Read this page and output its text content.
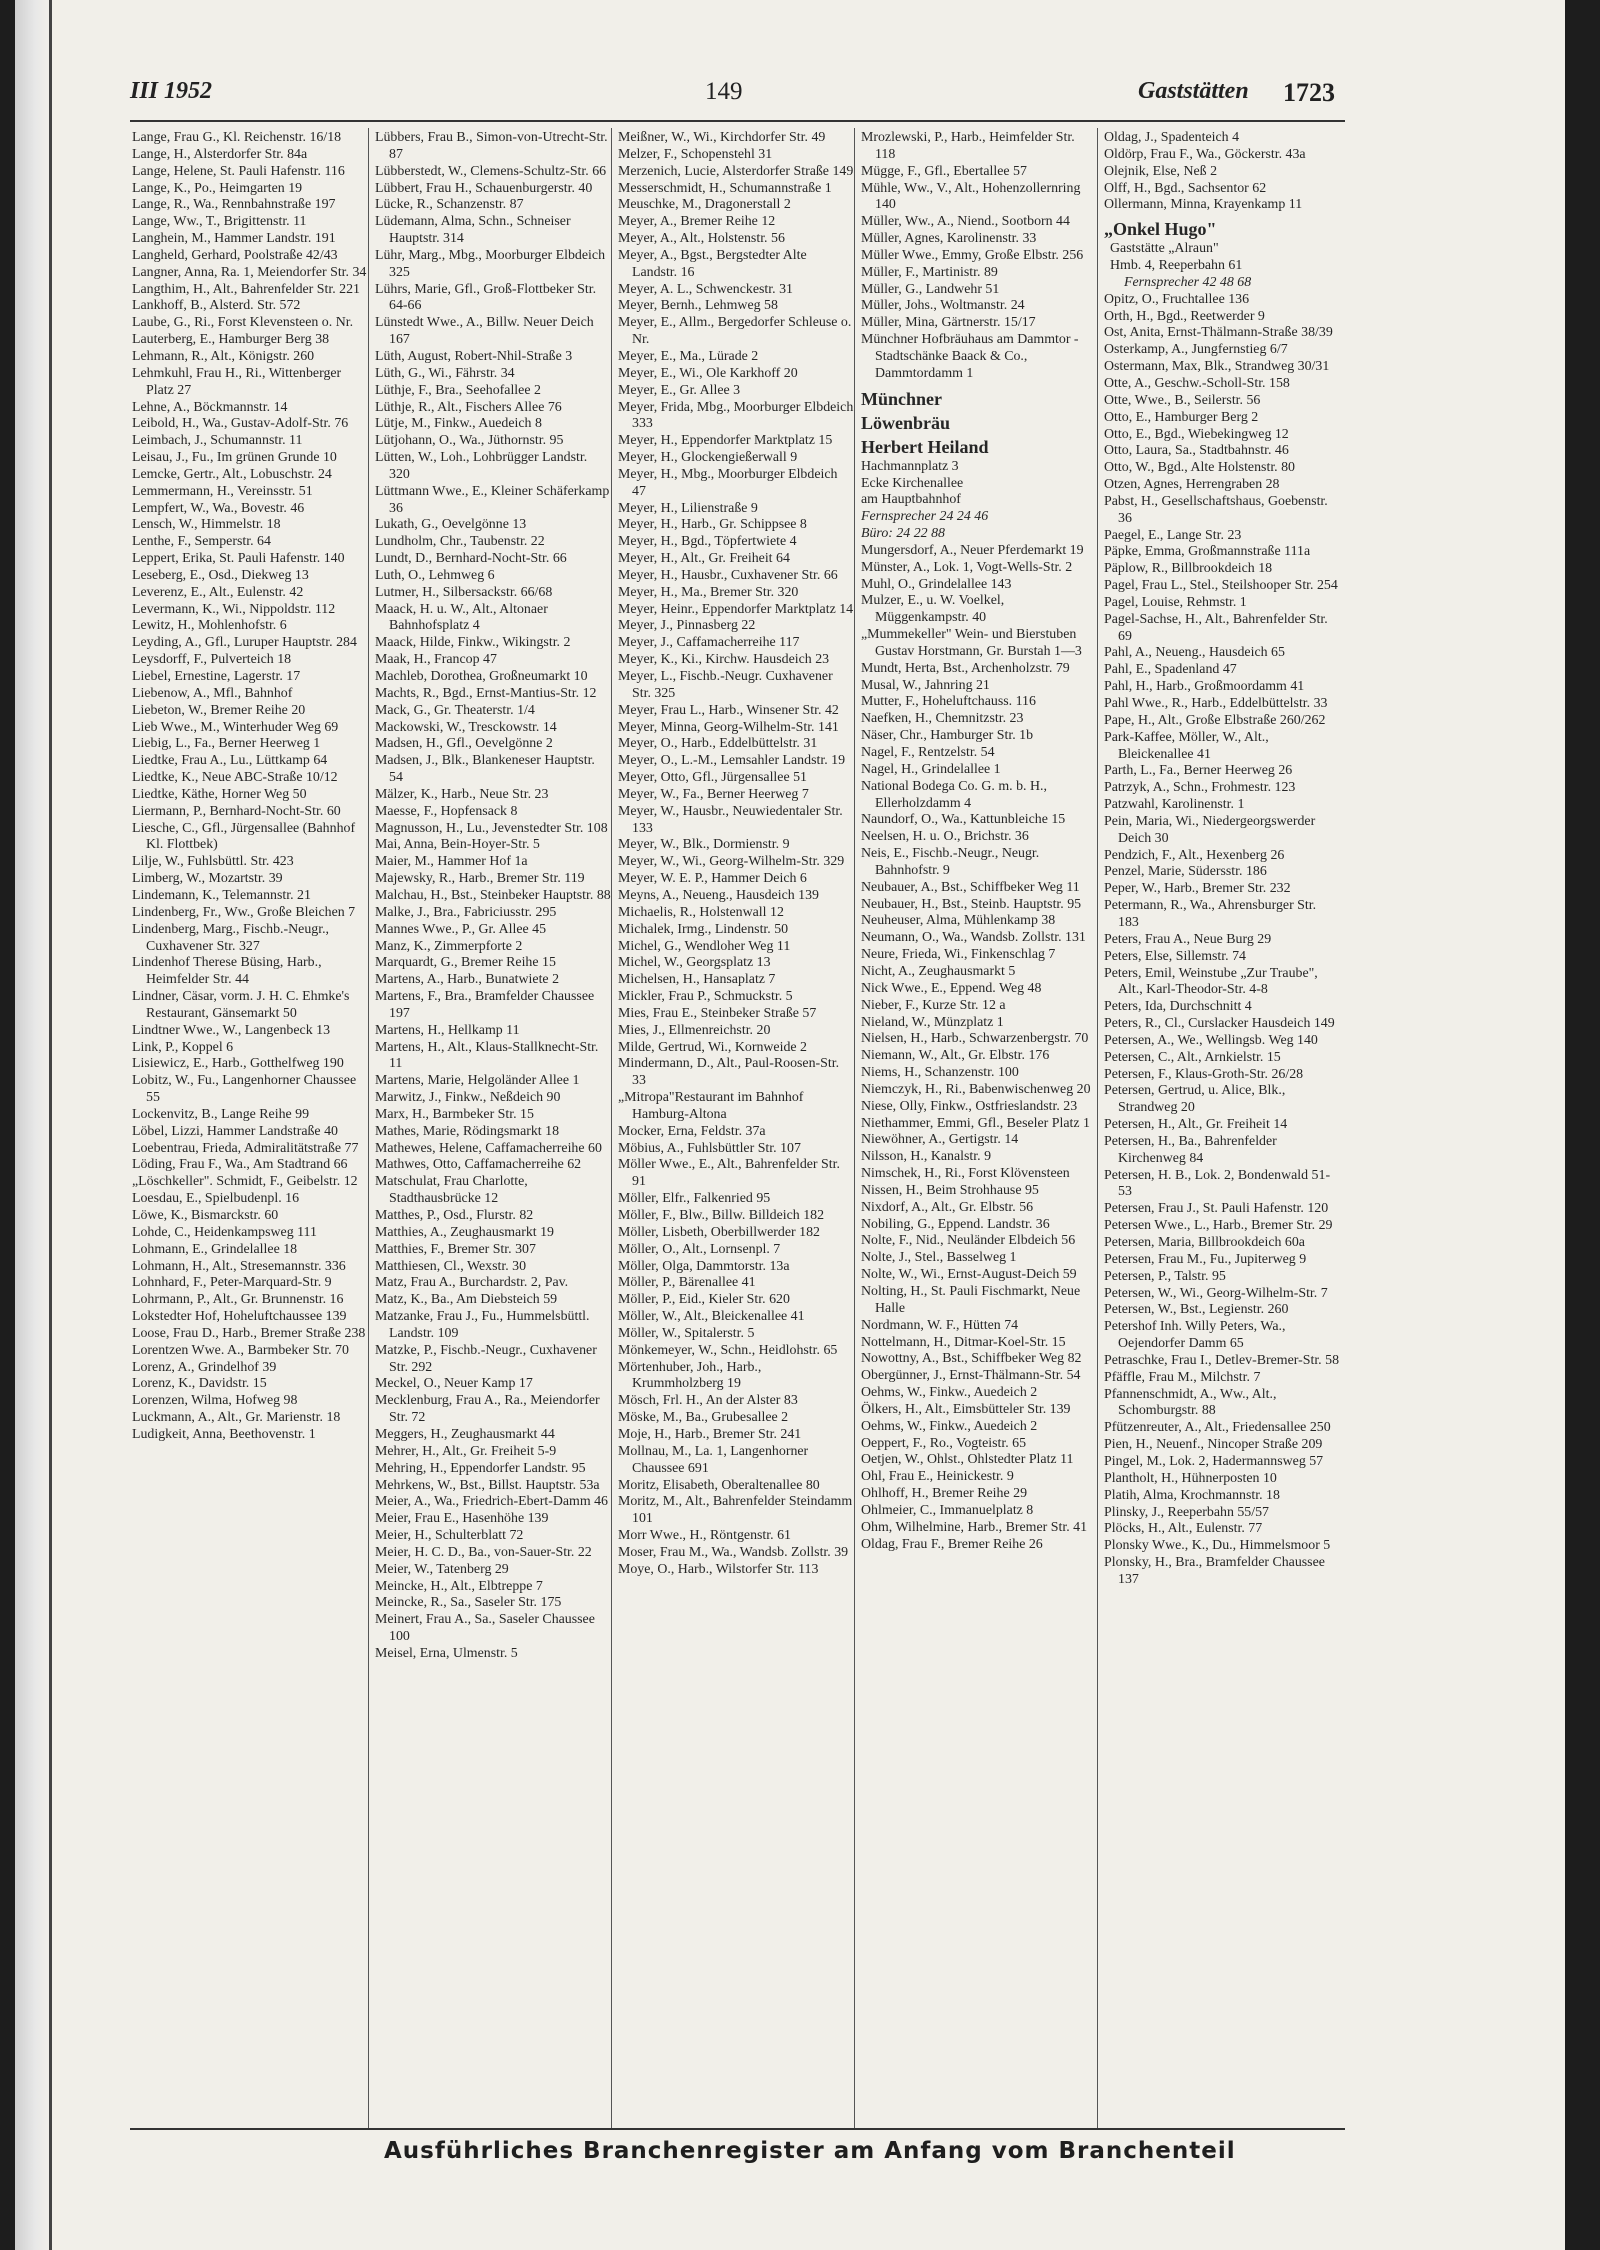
III 1952	149	Gaststätten 1723
Lange, Frau G., Kl. Reichenstr. 16/18
Lange, H., Alsterdorfer Str. 84a
Lange, Helene, St. Pauli Hafenstr. 116
Lange, K., Po., Heimgarten 19
Lange, R., Wa., Rennbahnstraße 197
Lange, Ww., T., Brigittenstr. 11
Langhein, M., Hammer Landstr. 191
Langheld, Gerhard, Poolstraße 42/43
Langner, Anna, Ra. 1, Meiendorfer Str. 34
Langthim, H., Alt., Bahrenfelder Str. 221
Lankhoff, B., Alsterd. Str. 572
Laube, G., Ri., Forst Klevensteen o. Nr.
Lauterberg, E., Hamburger Berg 38
Lehmann, R., Alt., Königstr. 260
Lehmkuhl, Frau H., Ri., Wittenberger Platz 27
Lehne, A., Böckmannstr. 14
Leibold, H., Wa., Gustav-Adolf-Str. 76
Leimbach, J., Schumannstr. 11
Leisau, J., Fu., Im grünen Grunde 10
Lemcke, Gertr., Alt., Lobuschstr. 24
Lemmermann, H., Vereinsstr. 51
Lempfert, W., Wa., Bovestr. 46
Lensch, W., Himmelstr. 18
Lenthe, F., Semperstr. 64
Leppert, Erika, St. Pauli Hafenstr. 140
Leseberg, E., Osd., Diekweg 13
Leverenz, E., Alt., Eulenstr. 42
Levermann, K., Wi., Nippoldstr. 112
Lewitz, H., Mohlenhofstr. 6
Leyding, A., Gfl., Luruper Hauptstr. 284
Leysdorff, F., Pulverteich 18
Liebel, Ernestine, Lagerstr. 17
Liebenow, A., Mfl., Bahnhof
Liebeton, W., Bremer Reihe 20
Lieb Wwe., M., Winterhuder Weg 69
Liebig, L., Fa., Berner Heerweg 1
Liedtke, Frau A., Lu., Lüttkamp 64
Liedtke, K., Neue ABC-Straße 10/12
Liedtke, Käthe, Horner Weg 50
Liermann, P., Bernhard-Nocht-Str. 60
Liesche, C., Gfl., Jürgensallee (Bahnhof Kl. Flottbek)
Lilje, W., Fuhlsbüttl. Str. 423
Limberg, W., Mozartstr. 39
Lindemann, K., Telemannstr. 21
Lindenberg, Fr., Ww., Große Bleichen 7
Lindenberg, Marg., Fischb.-Neugr., Cuxhavener Str. 327
Lindenhof Therese Büsing, Harb., Heimfelder Str. 44
Lindner, Cäsar, vorm. J. H. C. Ehmke's Restaurant, Gänsemarkt 50
Lindtner Wwe., W., Langenbeck 13
Link, P., Koppel 6
Lisiewicz, E., Harb., Gotthelfweg 190
Lobitz, W., Fu., Langenhorner Chaussee 55
Lockenvitz, B., Lange Reihe 99
Löbel, Lizzi, Hammer Landstraße 40
Loebentrau, Frieda, Admiralitätstraße 77
Löding, Frau F., Wa., Am Stadtrand 66
„Löschkeller". Schmidt, F., Geibelstr. 12
Loesdau, E., Spielbudenpl. 16
Löwe, K., Bismarckstr. 60
Lohde, C., Heidenkampsweg 111
Lohmann, E., Grindelallee 18
Lohmann, H., Alt., Stresemannstr. 336
Lohnhard, F., Peter-Marquard-Str. 9
Lohrmann, P., Alt., Gr. Brunnenstr. 16
Lokstedter Hof, Hoheluftchaussee 139
Loose, Frau D., Harb., Bremer Straße 238
Lorentzen Wwe. A., Barmbeker Str. 70
Lorenz, A., Grindelhof 39
Lorenz, K., Davidstr. 15
Lorenzen, Wilma, Hofweg 98
Luckmann, A., Alt., Gr. Marienstr. 18
Ludigkeit, Anna, Beethovenstr. 1
Lübbers, Frau B., Simon-von-Utrecht-Str. 87
Lübberstedt, W., Clemens-Schultz-Str. 66
Lübbert, Frau H., Schauenburgerstr. 40
Lücke, R., Schanzenstr. 87
Lüdemann, Alma, Schn., Schneiser Hauptstr. 314
Lühr, Marg., Mbg., Moorburger Elbdeich 325
Lührs, Marie, Gfl., Groß-Flottbeker Str. 64-66
Lünstedt Wwe., A., Billw. Neuer Deich 167
Lüth, August, Robert-Nhil-Straße 3
Lüth, G., Wi., Fährstr. 34
Lüthje, F., Bra., Seehofallee 2
Lüthje, R., Alt., Fischers Allee 76
Lütje, M., Finkw., Auedeich 8
Lütjohann, O., Wa., Jüthornstr. 95
Lütten, W., Loh., Lohbrügger Landstr. 320
Lüttmann Wwe., E., Kleiner Schäferkamp 36
Lukath, G., Oevelgönne 13
Lundholm, Chr., Taubenstr. 22
Lundt, D., Bernhard-Nocht-Str. 66
Luth, O., Lehmweg 6
Lutmer, H., Silbersackstr. 66/68
Maack, H. u. W., Alt., Altonaer Bahnhofsplatz 4
Maack, Hilde, Finkw., Wikingstr. 2
Maak, H., Francop 47
Machleb, Dorothea, Großneumarkt 10
Machts, R., Bgd., Ernst-Mantius-Str. 12
Mack, G., Gr. Theaterstr. 1/4
Mackowski, W., Tresckowstr. 14
Madsen, H., Gfl., Oevelgönne 2
Madsen, J., Blk., Blankeneser Hauptstr. 54
Mälzer, K., Harb., Neue Str. 23
Maesse, F., Hopfensack 8
Magnusson, H., Lu., Jevenstedter Str. 108
Mai, Anna, Bein-Hoyer-Str. 5
Maier, M., Hammer Hof 1a
Majewsky, R., Harb., Bremer Str. 119
Malchau, H., Bst., Steinbeker Hauptstr. 88
Malke, J., Bra., Fabriciusstr. 295
Mannes Wwe., P., Gr. Allee 45
Manz, K., Zimmerpforte 2
Marquardt, G., Bremer Reihe 15
Martens, A., Harb., Bunatwiete 2
Martens, F., Bra., Bramfelder Chaussee 197
Martens, H., Hellkamp 11
Martens, H., Alt., Klaus-Stallknecht-Str. 11
Martens, Marie, Helgoländer Allee 1
Marwitz, J., Finkw., Neßdeich 90
Marx, H., Barmbeker Str. 15
Mathes, Marie, Rödingsmarkt 18
Mathewes, Helene, Caffamacherreihe 60
Mathwes, Otto, Caffamacherreihe 62
Matschulat, Frau Charlotte, Stadthausbrücke 12
Matthes, P., Osd., Flurstr. 82
Matthies, A., Zeughausmarkt 19
Matthies, F., Bremer Str. 307
Matthiesen, Cl., Wexstr. 30
Matz, Frau A., Burchardstr. 2, Pav.
Matz, K., Ba., Am Diebsteich 59
Matzanke, Frau J., Fu., Hummelsbüttl. Landstr. 109
Matzke, P., Fischb.-Neugr., Cuxhavener Str. 292
Meckel, O., Neuer Kamp 17
Mecklenburg, Frau A., Ra., Meiendorfer Str. 72
Meggers, H., Zeughausmarkt 44
Mehrer, H., Alt., Gr. Freiheit 5-9
Mehring, H., Eppendorfer Landstr. 95
Mehrkens, W., Bst., Billst. Hauptstr. 53a
Meier, A., Wa., Friedrich-Ebert-Damm 46
Meier, Frau E., Hasenhöhe 139
Meier, H., Schulterblatt 72
Meier, H. C. D., Ba., von-Sauer-Str. 22
Meier, W., Tatenberg 29
Meincke, H., Alt., Elbtreppe 7
Meincke, R., Sa., Saseler Str. 175
Meinert, Frau A., Sa., Saseler Chaussee 100
Meisel, Erna, Ulmenstr. 5
Meißner, W., Wi., Kirchdorfer Str. 49
Melzer, F., Schopenstehl 31
Merzenich, Lucie, Alsterdorfer Straße 149
Messerschmidt, H., Schumannstraße 1
Meuschke, M., Dragonerstall 2
Meyer, A., Bremer Reihe 12
Meyer, A., Alt., Holstenstr. 56
Meyer, A., Bgst., Bergstedter Alte Landstr. 16
Meyer, A. L., Schwenckestr. 31
Meyer, Bernh., Lehmweg 58
Meyer, E., Allm., Bergedorfer Schleuse o. Nr.
Meyer, E., Ma., Lürade 2
Meyer, E., Wi., Ole Karkhoff 20
Meyer, E., Gr. Allee 3
Meyer, Frida, Mbg., Moorburger Elbdeich 333
Meyer, H., Eppendorfer Marktplatz 15
Meyer, H., Glockengießerwall 9
Meyer, H., Mbg., Moorburger Elbdeich 47
Meyer, H., Lilienstraße 9
Meyer, H., Harb., Gr. Schippsee 8
Meyer, H., Bgd., Töpfertwiete 4
Meyer, H., Alt., Gr. Freiheit 64
Meyer, H., Hausbr., Cuxhavener Str. 66
Meyer, H., Ma., Bremer Str. 320
Meyer, Heinr., Eppendorfer Marktplatz 14
Meyer, J., Pinnasberg 22
Meyer, J., Caffamacherreihe 117
Meyer, K., Ki., Kirchw. Hausdeich 23
Meyer, L., Fischb.-Neugr. Cuxhavener Str. 325
Meyer, Frau L., Harb., Winsener Str. 42
Meyer, Minna, Georg-Wilhelm-Str. 141
Meyer, O., Harb., Eddelbüttelstr. 31
Meyer, O., L.-M., Lemsahler Landstr. 19
Meyer, Otto, Gfl., Jürgensallee 51
Meyer, W., Fa., Berner Heerweg 7
Meyer, W., Hausbr., Neuwiedentaler Str. 133
Meyer, W., Blk., Dormienstr. 9
Meyer, W., Wi., Georg-Wilhelm-Str. 329
Meyer, W. E. P., Hammer Deich 6
Meyns, A., Neueng., Hausdeich 139
Michaelis, R., Holstenwall 12
Michalek, Irmg., Lindenstr. 50
Michel, G., Wendloher Weg 11
Michel, W., Georgsplatz 13
Michelsen, H., Hansaplatz 7
Mickler, Frau P., Schmuckstr. 5
Mies, Frau E., Steinbeker Straße 57
Mies, J., Ellmenreichstr. 20
Milde, Gertrud, Wi., Kornweide 2
Mindermann, D., Alt., Paul-Roosen-Str. 33
„Mitropa"Restaurant im Bahnhof Hamburg-Altona
Mocker, Erna, Feldstr. 37a
Möbius, A., Fuhlsbüttler Str. 107
Möller Wwe., E., Alt., Bahrenfelder Str. 91
Möller, Elfr., Falkenried 95
Möller, F., Blw., Billw. Billdeich 182
Möller, Lisbeth, Oberbillwerder 182
Möller, O., Alt., Lornsenpl. 7
Möller, Olga, Dammtorstr. 13a
Möller, P., Bärenallee 41
Möller, P., Eid., Kieler Str. 620
Möller, W., Alt., Bleickenallee 41
Möller, W., Spitalerstr. 5
Mönkemeyer, W., Schn., Heidlohstr. 65
Mörtenhuber, Joh., Harb., Krummholzberg 19
Mösch, Frl. H., An der Alster 83
Möske, M., Ba., Grubesallee 2
Moje, H., Harb., Bremer Str. 241
Mollnau, M., La. 1, Langenhorner Chaussee 691
Moritz, Elisabeth, Oberaltenallee 80
Moritz, M., Alt., Bahrenfelder Steindamm 101
Morr Wwe., H., Röntgenstr. 61
Moser, Frau M., Wa., Wandsb. Zollstr. 39
Moye, O., Harb., Wilstorfer Str. 113
Mrozlewski, P., Harb., Heimfelder Str. 118
Mügge, F., Gfl., Ebertallee 57
Mühle, Ww., V., Alt., Hohenzollernring 140
Müller, Ww., A., Niend., Sootborn 44
Müller, Agnes, Karolinenstr. 33
Müller Wwe., Emmy, Große Elbstr. 256
Müller, F., Martinistr. 89
Müller, G., Landwehr 51
Müller, Johs., Woltmanstr. 24
Müller, Mina, Gärtnerstr. 15/17
Münchner Hofbräuhaus am Dammtor - Stadtschänke Baack & Co., Dammtordamm 1
Münchner
Löwenbräu
Herbert Heiland
Hachmannplatz 3
Ecke Kirchenallee
am Hauptbahnhof
Fernsprecher 24 24 46
Büro: 24 22 88
Mungersdorf, A., Neuer Pferdemarkt 19
Münster, A., Lok. 1, Vogt-Wells-Str. 2
Muhl, O., Grindelallee 143
Mulzer, E., u. W. Voelkel, Müggenkampstr. 40
„Mummekeller" Wein- und Bierstuben Gustav Horstmann, Gr. Burstah 1—3
Mundt, Herta, Bst., Archenholzstr. 79
Musal, W., Jahnring 21
Mutter, F., Hoheluftchauss. 116
Naefken, H., Chemnitzstr. 23
Näser, Chr., Hamburger Str. 1b
Nagel, F., Rentzelstr. 54
Nagel, H., Grindelallee 1
National Bodega Co. G. m. b. H., Ellerholzdamm 4
Naundorf, O., Wa., Kattunbleiche 15
Neelsen, H. u. O., Brichstr. 36
Neis, E., Fischb.-Neugr., Neugr. Bahnhofstr. 9
Neubauer, A., Bst., Schiffbeker Weg 11
Neubauer, H., Bst., Steinb. Hauptstr. 95
Neuheuser, Alma, Mühlenkamp 38
Neumann, O., Wa., Wandsb. Zollstr. 131
Neure, Frieda, Wi., Finkenschlag 7
Nicht, A., Zeughausmarkt 5
Nick Wwe., E., Eppend. Weg 48
Nieber, F., Kurze Str. 12 a
Nieland, W., Münzplatz 1
Nielsen, H., Harb., Schwarzenbergstr. 70
Niemann, W., Alt., Gr. Elbstr. 176
Niems, H., Schanzenstr. 100
Niemczyk, H., Ri., Babenwischenweg 20
Niese, Olly, Finkw., Ostfrieslandstr. 23
Niethammer, Emmi, Gfl., Beseler Platz 1
Niewöhner, A., Gertigstr. 14
Nilsson, H., Kanalstr. 9
Nimschek, H., Ri., Forst Klövensteen
Nissen, H., Beim Strohhause 95
Nixdorf, A., Alt., Gr. Elbstr. 56
Nobiling, G., Eppend. Landstr. 36
Nolte, F., Nid., Neuländer Elbdeich 56
Nolte, J., Stel., Basselweg 1
Nolte, W., Wi., Ernst-August-Deich 59
Nolting, H., St. Pauli Fischmarkt, Neue Halle
Nordmann, W. F., Hütten 74
Nottelmann, H., Ditmar-Koel-Str. 15
Nowottny, A., Bst., Schiffbeker Weg 82
Obergünner, J., Ernst-Thälmann-Str. 54
Oehms, W., Finkw., Auedeich 2
Ölkers, H., Alt., Eimsbütteler Str. 139
Oehms, W., Finkw., Auedeich 2
Oeppert, F., Ro., Vogteistr. 65
Oetjen, W., Ohlst., Ohlstedter Platz 11
Ohl, Frau E., Heinickestr. 9
Ohlhoff, H., Bremer Reihe 29
Ohlmeier, C., Immanuelplatz 8
Ohm, Wilhelmine, Harb., Bremer Str. 41
Oldag, Frau F., Bremer Reihe 26
Oldag, J., Spadenteich 4
Oldörp, Frau F., Wa., Göckerstr. 43a
Olejnik, Else, Neß 2
Olff, H., Bgd., Sachsentor 62
Ollermann, Minna, Krayenkamp 11
„Onkel Hugo"
Gaststätte „Alraun"
Hmb. 4, Reeperbahn 61
Fernsprecher 42 48 68
Opitz, O., Fruchtallee 136
Orth, H., Bgd., Reetwerder 9
Ost, Anita, Ernst-Thälmann-Straße 38/39
Osterkamp, A., Jungfernstieg 6/7
Ostermann, Max, Blk., Strandweg 30/31
Otte, A., Geschw.-Scholl-Str. 158
Otte, Wwe., B., Seilerstr. 56
Otto, E., Hamburger Berg 2
Otto, E., Bgd., Wiebekingweg 12
Otto, Laura, Sa., Stadtbahnstr. 46
Otto, W., Bgd., Alte Holstenstr. 80
Otzen, Agnes, Herrengraben 28
Pabst, H., Gesellschaftshaus, Goebenstr. 36
Paegel, E., Lange Str. 23
Päpke, Emma, Großmannstraße 111a
Päplow, R., Billbrookdeich 18
Pagel, Frau L., Stel., Steilshooper Str. 254
Pagel, Louise, Rehmstr. 1
Pagel-Sachse, H., Alt., Bahrenfelder Str. 69
Pahl, A., Neueng., Hausdeich 65
Pahl, E., Spadenland 47
Pahl, H., Harb., Großmoordamm 41
Pahl Wwe., R., Harb., Eddelbüttelstr. 33
Pape, H., Alt., Große Elbstraße 260/262
Park-Kaffee, Möller, W., Alt., Bleickenallee 41
Parth, L., Fa., Berner Heerweg 26
Patrzyk, A., Schn., Frohmestr. 123
Patzwahl, Karolinenstr. 1
Pein, Maria, Wi., Niedergeorgswerder Deich 30
Pendzich, F., Alt., Hexenberg 26
Penzel, Marie, Südersstr. 186
Peper, W., Harb., Bremer Str. 232
Petermann, R., Wa., Ahrensburger Str. 183
Peters, Frau A., Neue Burg 29
Peters, Else, Sillemstr. 74
Peters, Emil, Weinstube „Zur Traube", Alt., Karl-Theodor-Str. 4-8
Peters, Ida, Durchschnitt 4
Peters, R., Cl., Curslacker Hausdeich 149
Petersen, A., We., Wellingsb. Weg 140
Petersen, C., Alt., Arnkielstr. 15
Petersen, F., Klaus-Groth-Str. 26/28
Petersen, Gertrud, u. Alice, Blk., Strandweg 20
Petersen, H., Alt., Gr. Freiheit 14
Petersen, H., Ba., Bahrenfelder Kirchenweg 84
Petersen, H. B., Lok. 2, Bondenwald 51-53
Petersen, Frau J., St. Pauli Hafenstr. 120
Petersen Wwe., L., Harb., Bremer Str. 29
Petersen, Maria, Billbrookdeich 60a
Petersen, Frau M., Fu., Jupiterweg 9
Petersen, P., Talstr. 95
Petersen, W., Wi., Georg-Wilhelm-Str. 7
Petersen, W., Bst., Legienstr. 260
Petershof Inh. Willy Peters, Wa., Oejendorfer Damm 65
Petraschke, Frau I., Detlev-Bremer-Str. 58
Pfäffle, Frau M., Milchstr. 7
Pfannenschmidt, A., Ww., Alt., Schomburgstr. 88
Pfützenreuter, A., Alt., Friedensallee 250
Pien, H., Neuenf., Nincoper Straße 209
Pingel, M., Lok. 2, Hadermannsweg 57
Plantholt, H., Hühnerposten 10
Platih, Alma, Krochmannstr. 18
Plinsky, J., Reeperbahn 55/57
Plöcks, H., Alt., Eulenstr. 77
Plonsky Wwe., K., Du., Himmelsmoor 5
Plonsky, H., Bra., Bramfelder Chaussee 137
Ausführliches Branchenregister am Anfang vom Branchenteil
